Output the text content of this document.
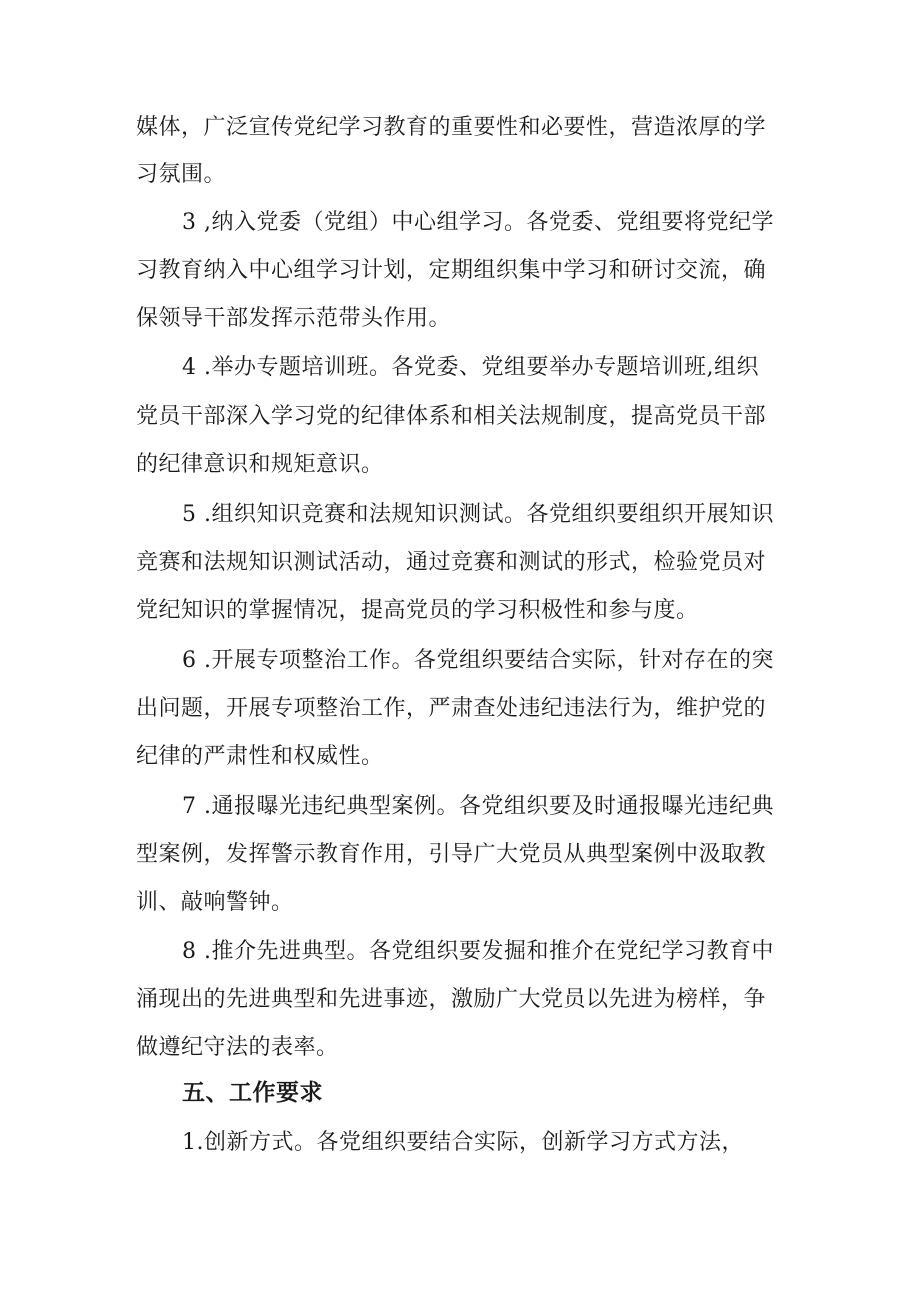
媒体，广泛宣传党纪学习教育的重要性和必要性，营造浓厚的学
习氛围。
3 ,纳入党委（党组）中心组学习。各党委、党组要将党纪学
习教育纳入中心组学习计划，定期组织集中学习和研讨交流，确
保领导干部发挥示范带头作用。
4 .举办专题培训班。各党委、党组要举办专题培训班,组织
党员干部深入学习党的纪律体系和相关法规制度，提高党员干部
的纪律意识和规矩意识。
5 .组织知识竞赛和法规知识测试。各党组织要组织开展知识
竞赛和法规知识测试活动，通过竞赛和测试的形式，检验党员对
党纪知识的掌握情况，提高党员的学习积极性和参与度。
6 .开展专项整治工作。各党组织要结合实际，针对存在的突
出问题，开展专项整治工作，严肃查处违纪违法行为，维护党的
纪律的严肃性和权威性。
7 .通报曝光违纪典型案例。各党组织要及时通报曝光违纪典
型案例，发挥警示教育作用，引导广大党员从典型案例中汲取教
训、敲响警钟。
8 .推介先进典型。各党组织要发掘和推介在党纪学习教育中
涌现出的先进典型和先进事迹，激励广大党员以先进为榜样，争
做遵纪守法的表率。
五、工作要求
1.创新方式。各党组织要结合实际，创新学习方式方法，
